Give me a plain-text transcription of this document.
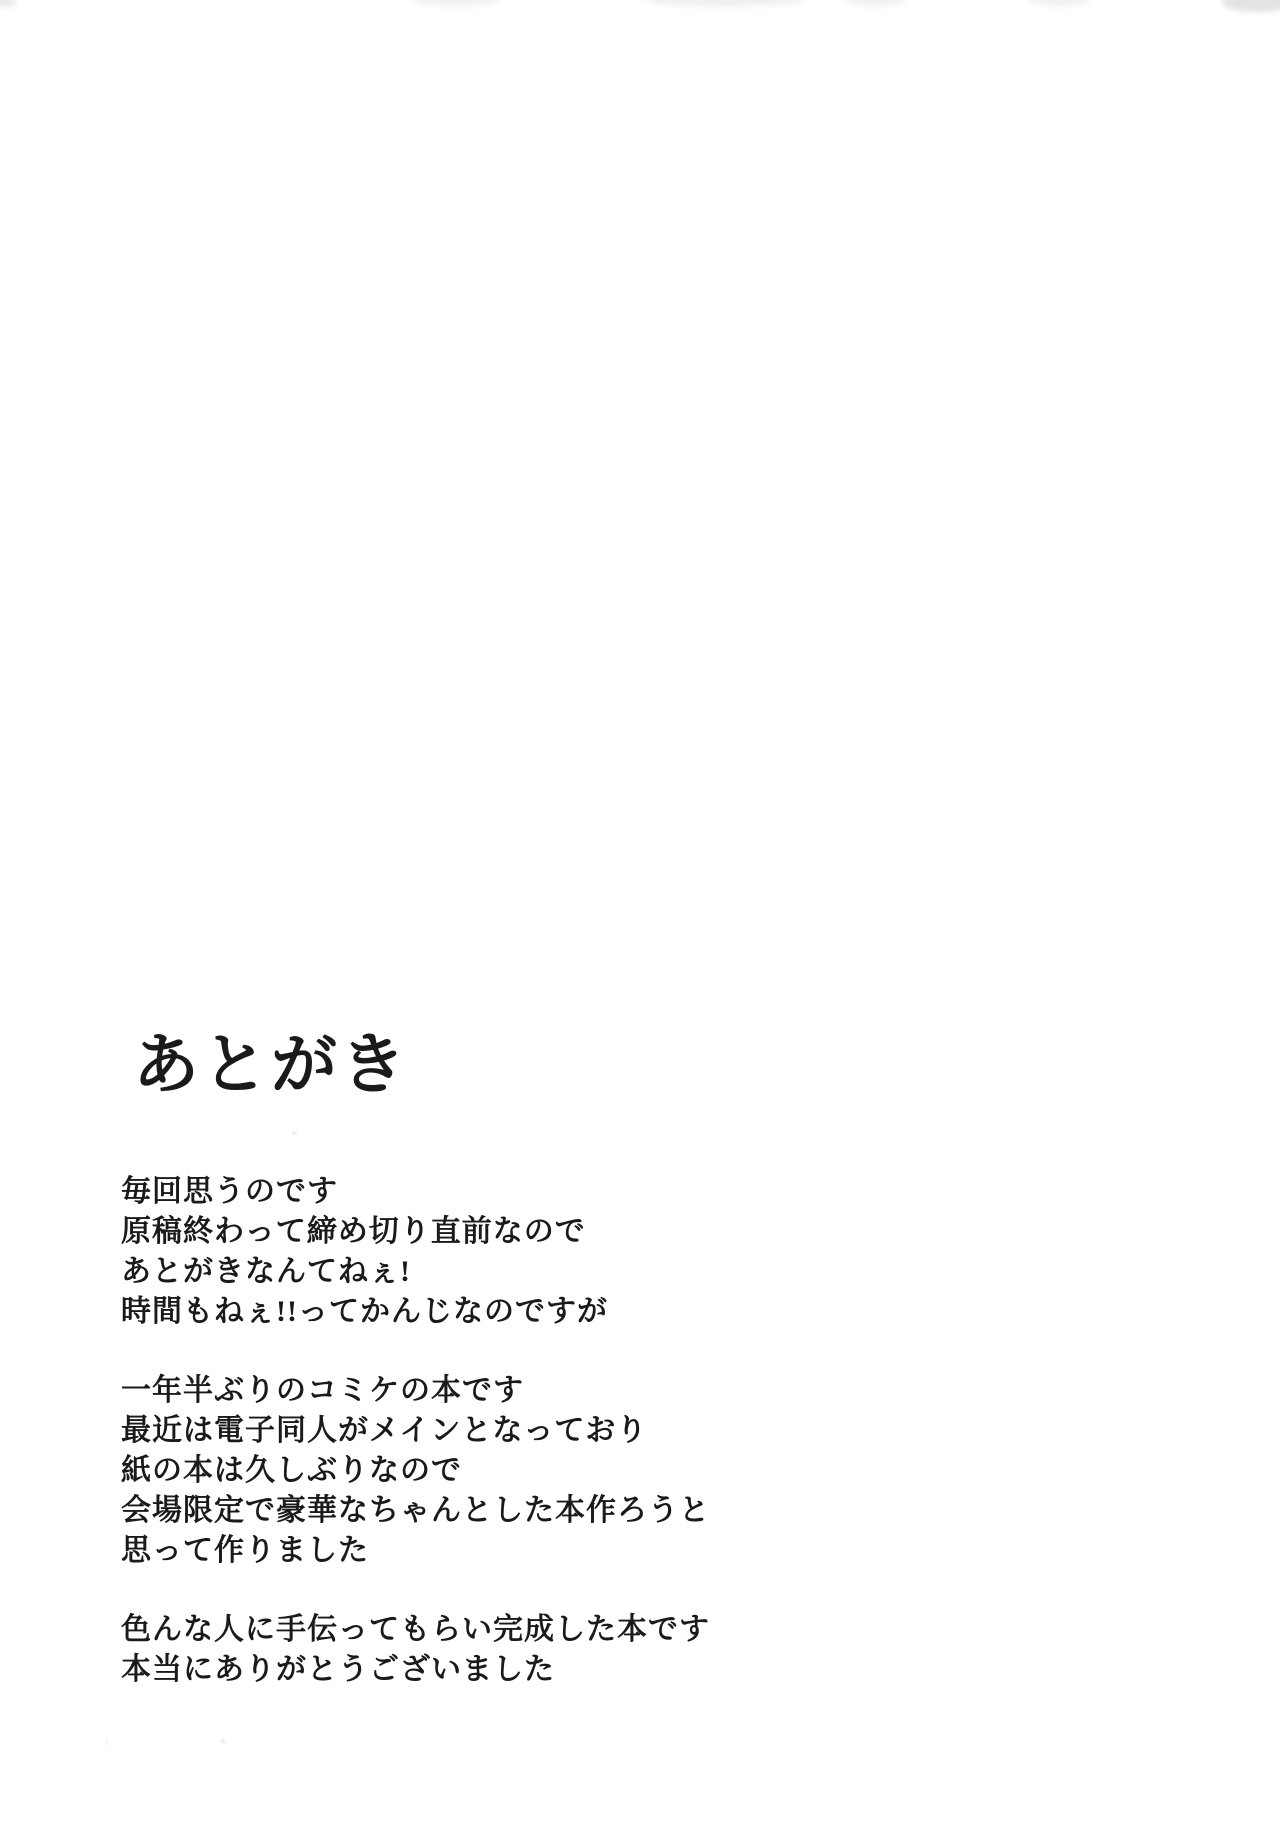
あとがき

毎回思うのです
原稿終わって締め切り直前なので
あとがきなんてねぇ!
時間もねぇ!!ってかんじなのですが

一年半ぶりのコミケの本です
最近は電子同人がメインとなっており
紙の本は久しぶりなので
会場限定で豪華なちゃんとした本作ろうと
思って作りました

色んな人に手伝ってもらい完成した本です
本当にありがとうございました
